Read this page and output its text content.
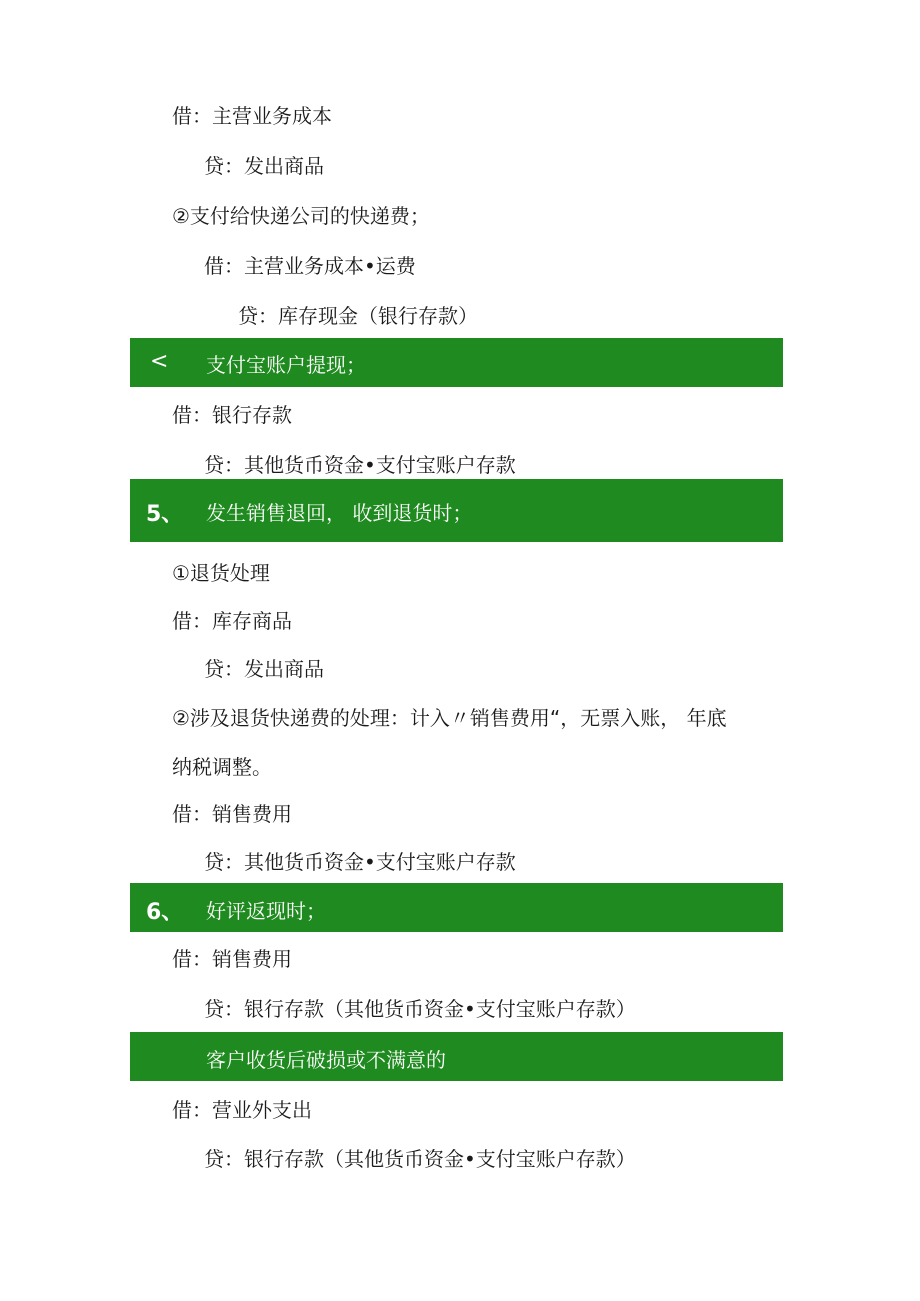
借：主营业务成本
贷：发出商品
②支付给快递公司的快递费；
借：主营业务成本•运费
贷：库存现金（银行存款）
< 支付宝账户提现；
借：银行存款
贷：其他货币资金•支付宝账户存款
5、 发生销售退回， 收到退货时；
①退货处理
借：库存商品
贷：发出商品
②涉及退货快递费的处理：计入〃销售费用“，无票入账， 年底
纳税调整。
借：销售费用
贷：其他货币资金•支付宝账户存款
6、 好评返现时；
借：销售费用
贷：银行存款（其他货币资金•支付宝账户存款）
客户收货后破损或不满意的
借：营业外支出
贷：银行存款（其他货币资金•支付宝账户存款）
